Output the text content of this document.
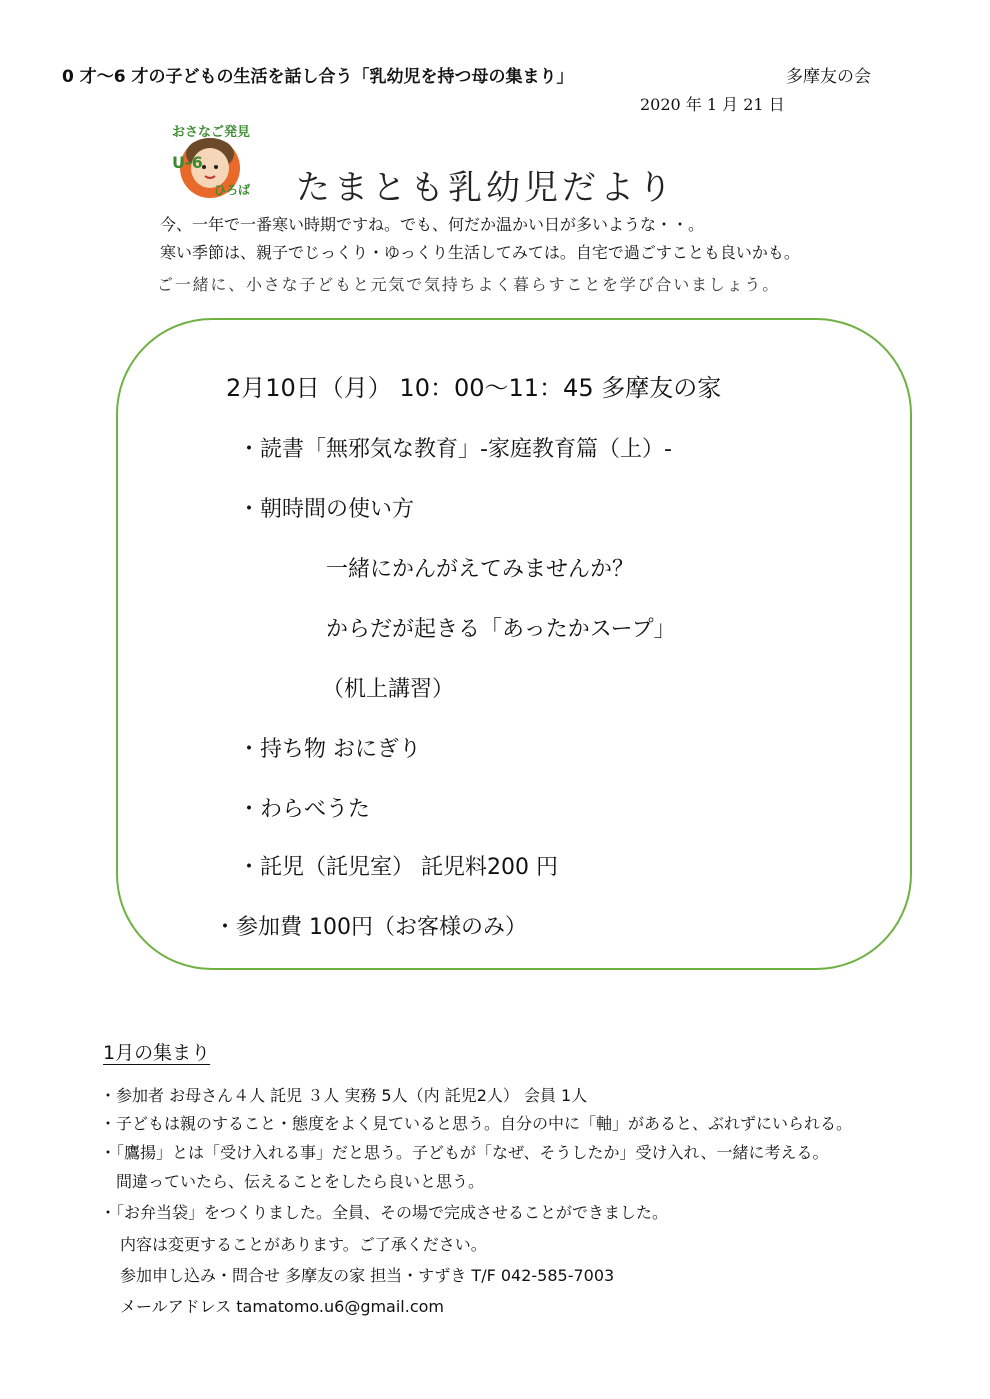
0 才～6 才の子どもの生活を話し合う「乳幼児を持つ母の集まり」	多摩友の会
2020 年 1 月 21 日
おさなご発見
U-6
ひろば たまとも乳幼児だより
今、一年で一番寒い時期ですね。でも、何だか温かい日が多いような・・。
寒い季節は、親子でじっくり・ゆっくり生活してみては。自宅で過ごすことも良いかも。
ご一緒に、小さな子どもと元気で気持ちよく暮らすことを学び合いましょう。
2月10日（月） 10：00～11：45 多摩友の家
・読書「無邪気な教育」-家庭教育篇（上）-
・朝時間の使い方
一緒にかんがえてみませんか？
からだが起きる「あったかスープ」
（机上講習）
・持ち物 おにぎり
・わらべうた
・託児（託児室） 託児料200 円
・参加費 100円（お客様のみ）
1月の集まり
・参加者 お母さん４人 託児 ３人 実務 5人（内 託児2人） 会員 1人
・子どもは親のすること・態度をよく見ていると思う。自分の中に「軸」があると、ぶれずにいられる。
・「鷹揚」とは「受け入れる事」だと思う。子どもが「なぜ、そうしたか」受け入れ、一緒に考える。
間違っていたら、伝えることをしたら良いと思う。
・「お弁当袋」をつくりました。全員、その場で完成させることができました。
内容は変更することがあります。ご了承ください。
参加申し込み・問合せ 多摩友の家 担当・すずき T/F 042-585-7003
メールアドレス tamatomo.u6@gmail.com
